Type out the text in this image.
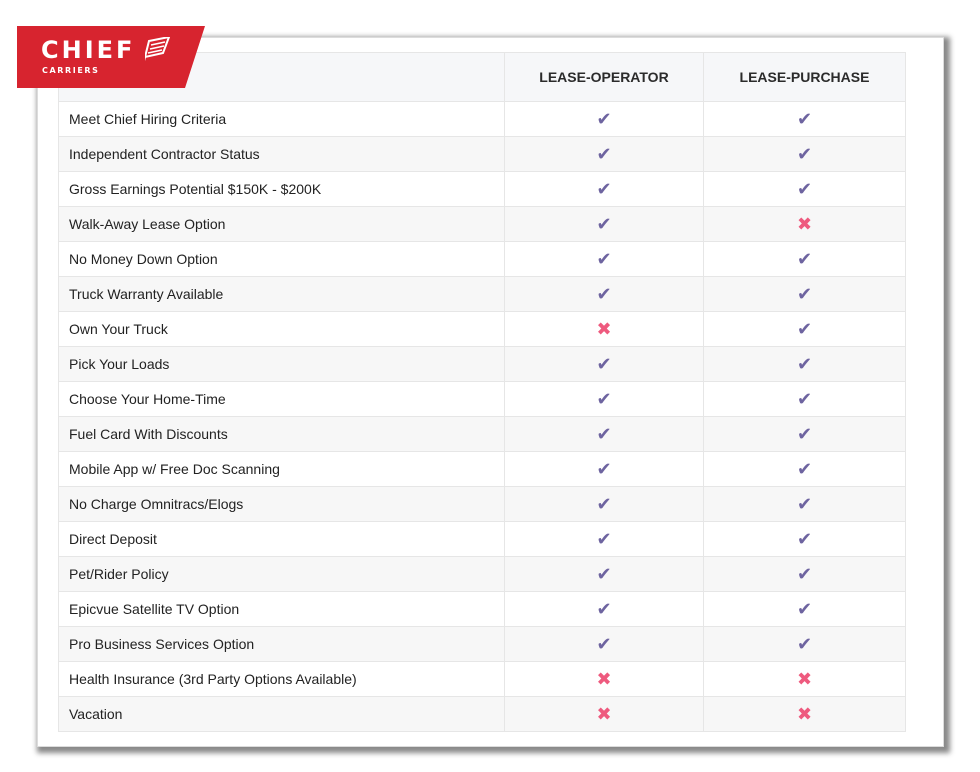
	LEASE-OPERATOR	LEASE-PURCHASE
Meet Chief Hiring Criteria	✔	✔
Independent Contractor Status	✔	✔
Gross Earnings Potential $150K - $200K	✔	✔
Walk-Away Lease Option	✔	✖
No Money Down Option	✔	✔
Truck Warranty Available	✔	✔
Own Your Truck	✖	✔
Pick Your Loads	✔	✔
Choose Your Home-Time	✔	✔
Fuel Card With Discounts	✔	✔
Mobile App w/ Free Doc Scanning	✔	✔
No Charge Omnitracs/Elogs	✔	✔
Direct Deposit	✔	✔
Pet/Rider Policy	✔	✔
Epicvue Satellite TV Option	✔	✔
Pro Business Services Option	✔	✔
Health Insurance (3rd Party Options Available)	✖	✖
Vacation	✖	✖
CHIEF
CARRIERS
